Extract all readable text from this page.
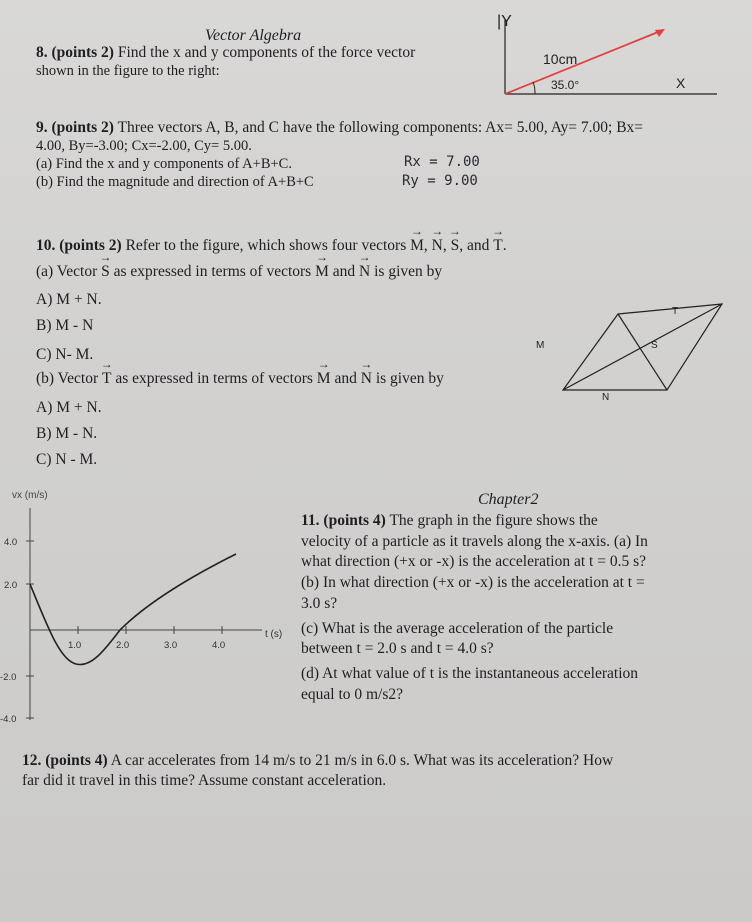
Vector Algebra
8. (points 2) Find the x and y components of the force vector
shown in the figure to the right:
|Y
10cm
35.0°	X
9. (points 2) Three vectors A, B, and C have the following components: Ax= 5.00, Ay= 7.00; Bx=
4.00, By=-3.00; Cx=-2.00, Cy= 5.00.
(a) Find the x and y components of A+B+C.
(b) Find the magnitude and direction of A+B+C
Rx = 7.00
Ry = 9.00
10. (points 2) Refer to the figure, which shows four vectors → M, → N, → S, and → T.
(a) Vector → S as expressed in terms of vectors → M and → N is given by
A) M + N.
B) M - N
C) N- M.
(b) Vector → T as expressed in terms of vectors → M and → N is given by
A) M + N.
B) M - N.
C) N - M.
M
T
S
N
vx (m/s)
4.0
2.0
-2.0
-4.0
1.0	2.0	3.0	4.0
t (s)
Chapter2
11. (points 4) The graph in the figure shows the
velocity of a particle as it travels along the x-axis. (a) In
what direction (+x or -x) is the acceleration at t = 0.5 s?
(b) In what direction (+x or -x) is the acceleration at t =
3.0 s?
(c) What is the average acceleration of the particle
between t = 2.0 s and t = 4.0 s?
(d) At what value of t is the instantaneous acceleration
equal to 0 m/s2?
12. (points 4) A car accelerates from 14 m/s to 21 m/s in 6.0 s. What was its acceleration? How
far did it travel in this time? Assume constant acceleration.
